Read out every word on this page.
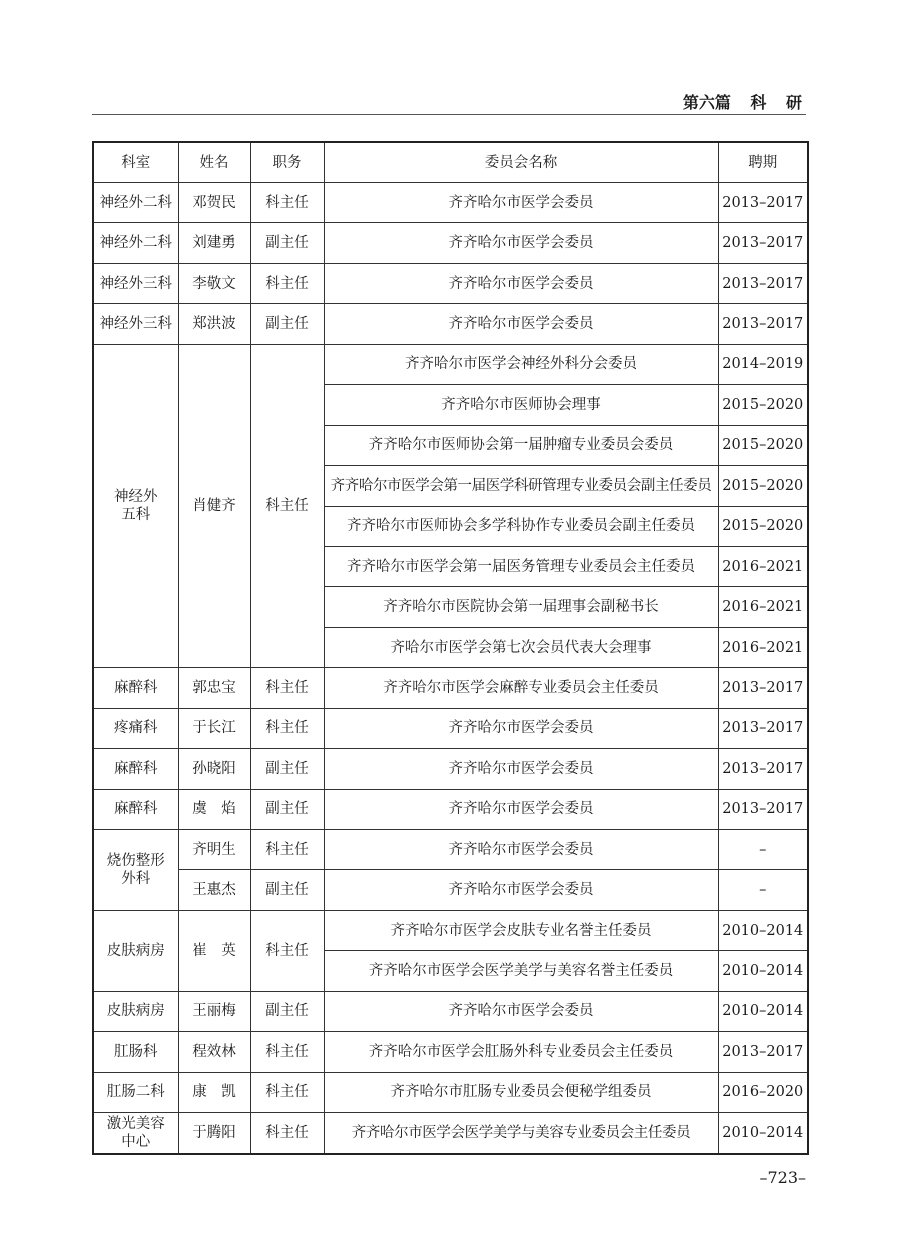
第六篇 科 研
科室	姓名	职务	委员会名称	聘期
神经外二科	邓贺民	科主任	齐齐哈尔市医学会委员	2013–2017
神经外二科	刘建勇	副主任	齐齐哈尔市医学会委员	2013–2017
神经外三科	李敬文	科主任	齐齐哈尔市医学会委员	2013–2017
神经外三科	郑洪波	副主任	齐齐哈尔市医学会委员	2013–2017
神经外五科	肖健齐	科主任	齐齐哈尔市医学会神经外科分会委员	2014–2019
			齐齐哈尔市医师协会理事	2015–2020
			齐齐哈尔市医师协会第一届肿瘤专业委员会委员	2015–2020
			齐齐哈尔市医学会第一届医学科研管理专业委员会副主任委员	2015–2020
			齐齐哈尔市医师协会多学科协作专业委员会副主任委员	2015–2020
			齐齐哈尔市医学会第一届医务管理专业委员会主任委员	2016–2021
			齐齐哈尔市医院协会第一届理事会副秘书长	2016–2021
			齐哈尔市医学会第七次会员代表大会理事	2016–2021
麻醉科	郭忠宝	科主任	齐齐哈尔市医学会麻醉专业委员会主任委员	2013–2017
疼痛科	于长江	科主任	齐齐哈尔市医学会委员	2013–2017
麻醉科	孙晓阳	副主任	齐齐哈尔市医学会委员	2013–2017
麻醉科	虞　焰	副主任	齐齐哈尔市医学会委员	2013–2017
烧伤整形外科	齐明生	科主任	齐齐哈尔市医学会委员	–
	王惠杰	副主任	齐齐哈尔市医学会委员	–
皮肤病房	崔　英	科主任	齐齐哈尔市医学会皮肤专业名誉主任委员	2010–2014
			齐齐哈尔市医学会医学美学与美容名誉主任委员	2010–2014
皮肤病房	王丽梅	副主任	齐齐哈尔市医学会委员	2010–2014
肛肠科	程效林	科主任	齐齐哈尔市医学会肛肠外科专业委员会主任委员	2013–2017
肛肠二科	康　凯	科主任	齐齐哈尔市肛肠专业委员会便秘学组委员	2016–2020
激光美容中心	于腾阳	科主任	齐齐哈尔市医学会医学美学与美容专业委员会主任委员	2010–2014
–723–
